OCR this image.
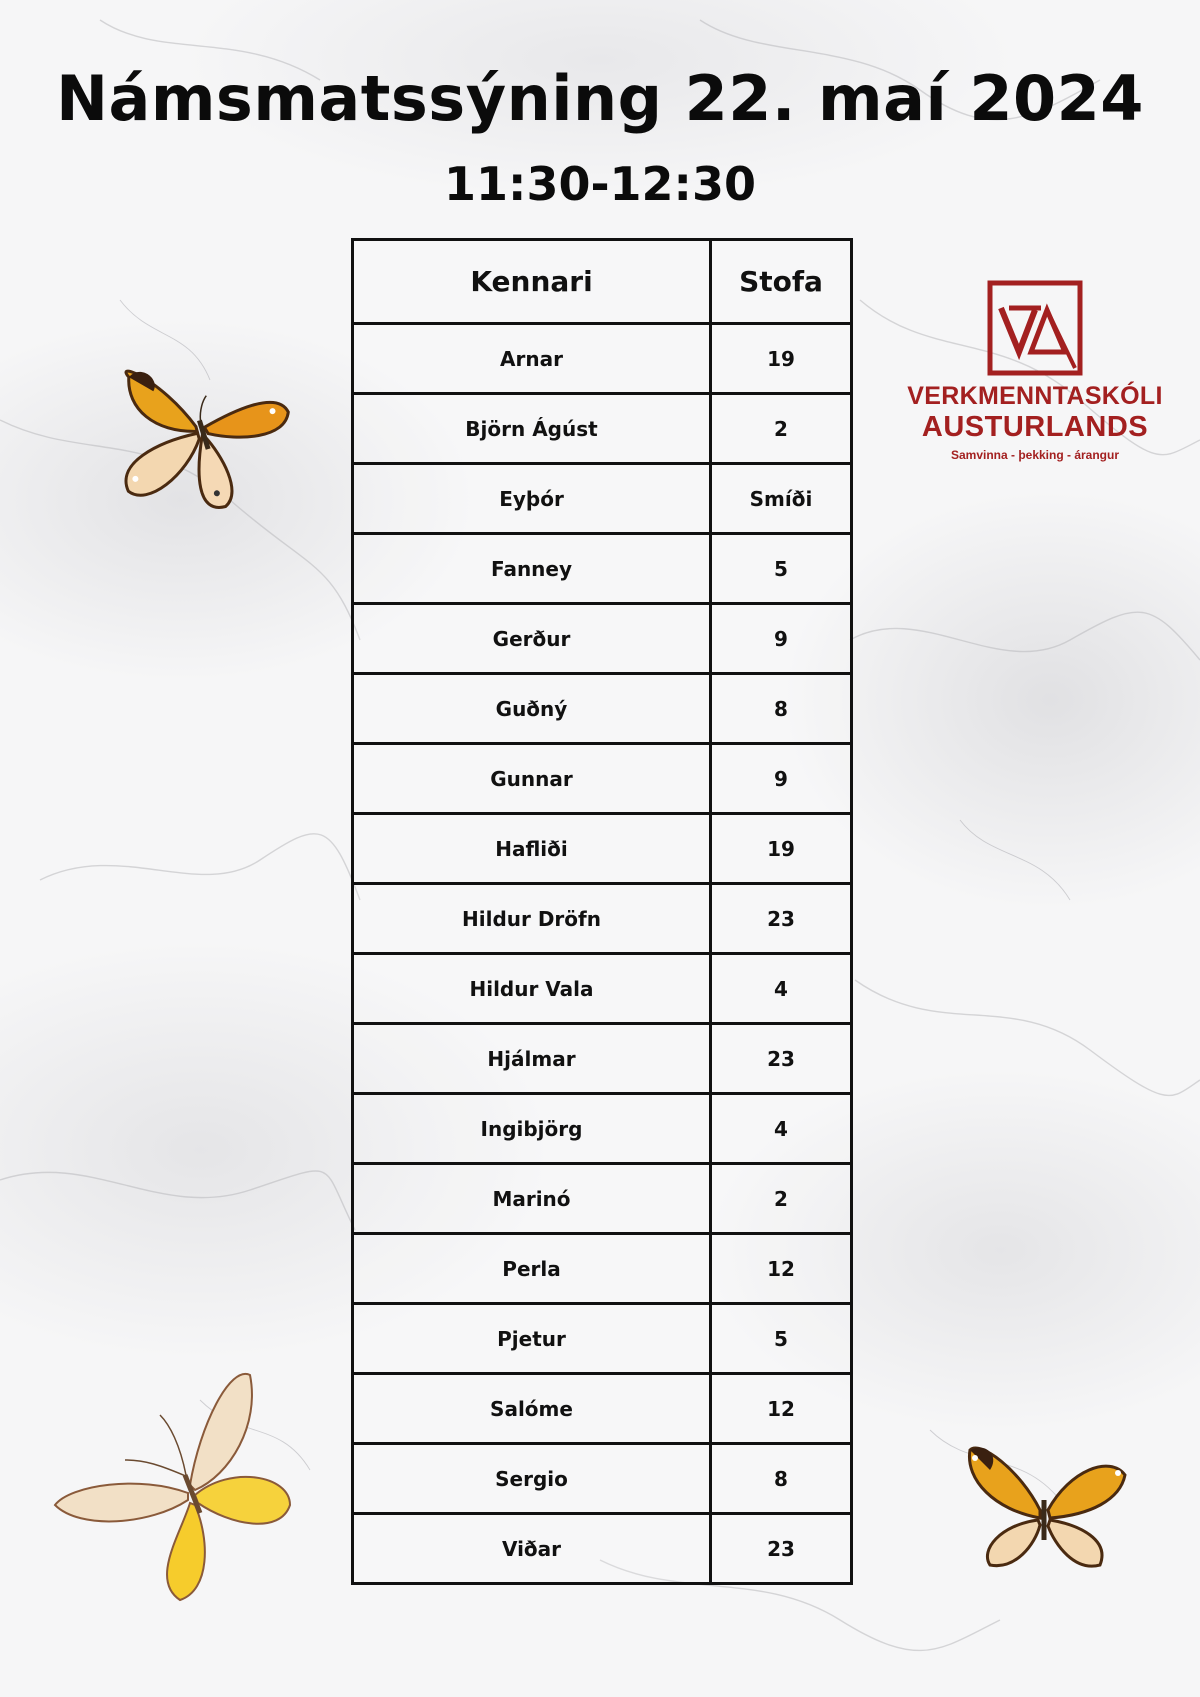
Námsmatssýning 22. maí 2024
11:30-12:30
Kennari	Stofa
Arnar	19
Björn Ágúst	2
Eyþór	Smíði
Fanney	5
Gerður	9
Guðný	8
Gunnar	9
Hafliði	19
Hildur Dröfn	23
Hildur Vala	4
Hjálmar	23
Ingibjörg	4
Marinó	2
Perla	12
Pjetur	5
Salóme	12
Sergio	8
Viðar	23
VERKMENNTASKÓLI
AUSTURLANDS
Samvinna - þekking - árangur
